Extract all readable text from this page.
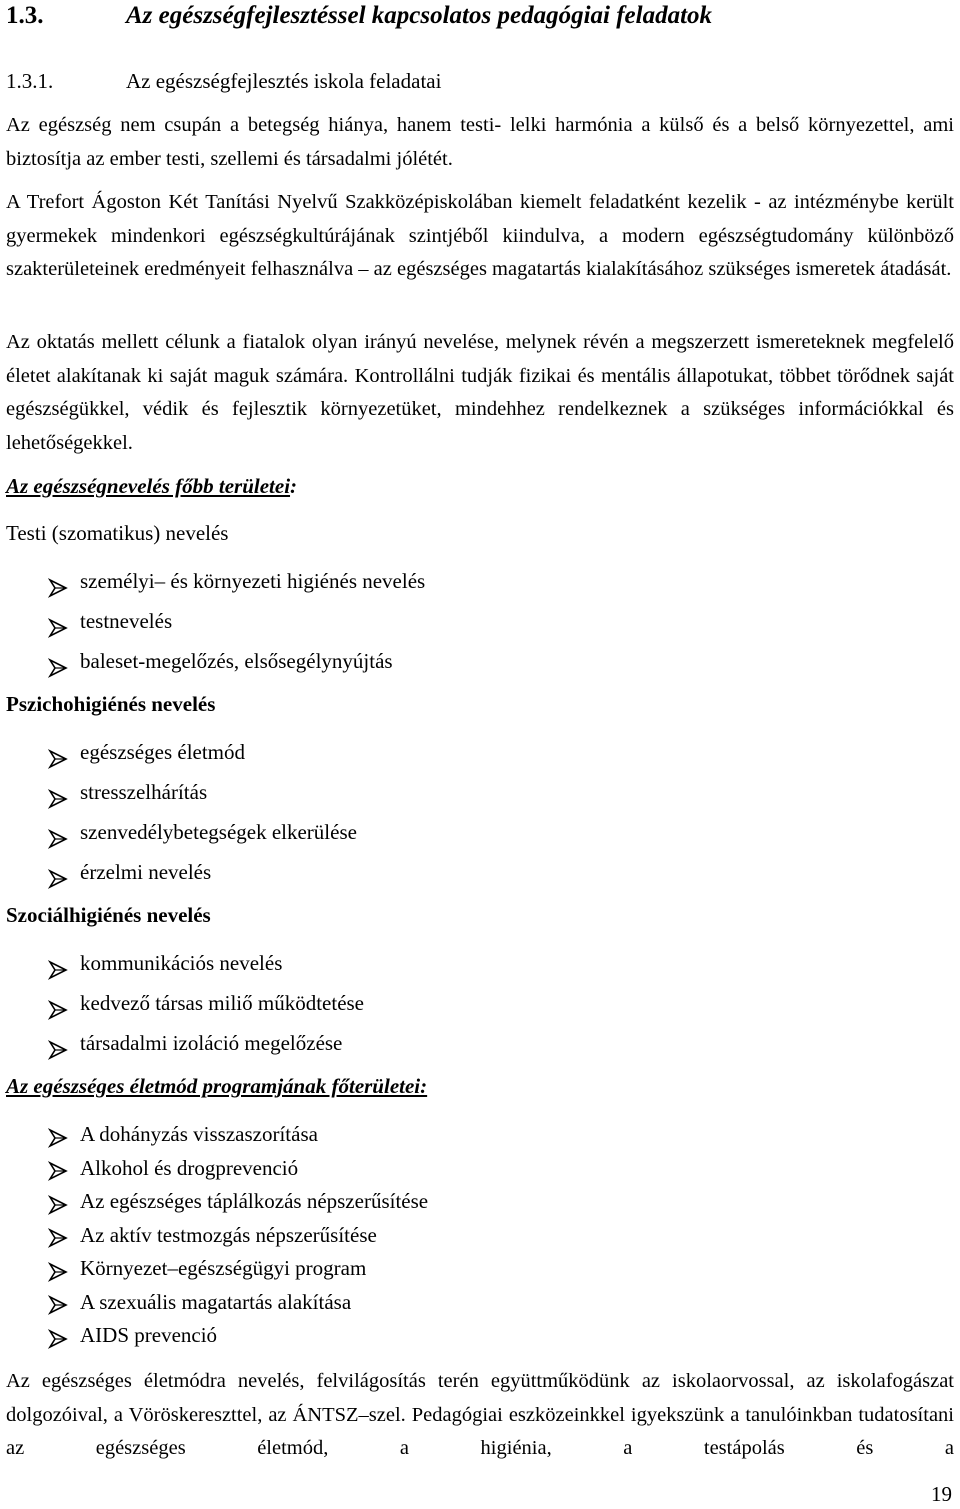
1.3.	Az egészségfejlesztéssel kapcsolatos pedagógiai feladatok
1.3.1.	Az egészségfejlesztés iskola feladatai
Az egészség nem csupán a betegség hiánya, hanem testi- lelki harmónia a külső és a belső környezettel, ami biztosítja az ember testi, szellemi és társadalmi jólétét.
A Trefort Ágoston Két Tanítási Nyelvű Szakközépiskolában kiemelt feladatként kezelik - az intézménybe került gyermekek mindenkori egészségkultúrájának szintjéből kiindulva, a modern egészségtudomány különböző szakterületeinek eredményeit felhasználva – az egészséges magatartás kialakításához szükséges ismeretek átadását.
Az oktatás mellett célunk a fiatalok olyan irányú nevelése, melynek révén a megszerzett ismereteknek megfelelő életet alakítanak ki saját maguk számára. Kontrollálni tudják fizikai és mentális állapotukat, többet törődnek saját egészségükkel, védik és fejlesztik környezetüket, mindehhez rendelkeznek a szükséges információkkal és lehetőségekkel.
Az egészségnevelés főbb területei:
Testi (szomatikus) nevelés
személyi– és környezeti higiénés nevelés
testnevelés
baleset-megelőzés, elsősegélynyújtás
Pszichohigiénés nevelés
egészséges életmód
stresszelhárítás
szenvedélybetegségek elkerülése
érzelmi nevelés
Szociálhigiénés nevelés
kommunikációs nevelés
kedvező társas miliő működtetése
társadalmi izoláció megelőzése
Az egészséges életmód programjának főterületei:
A dohányzás visszaszorítása
Alkohol és drogprevenció
Az egészséges táplálkozás népszerűsítése
Az aktív testmozgás népszerűsítése
Környezet–egészségügyi program
A szexuális magatartás alakítása
AIDS prevenció
Az egészséges életmódra nevelés, felvilágosítás terén együttműködünk az iskolaorvossal, az iskolafogászat dolgozóival, a Vöröskereszttel, az ÁNTSZ–szel. Pedagógiai eszközeinkkel igyekszünk a tanulóinkban tudatosítani az egészséges életmód, a higiénia, a testápolás és a
19
